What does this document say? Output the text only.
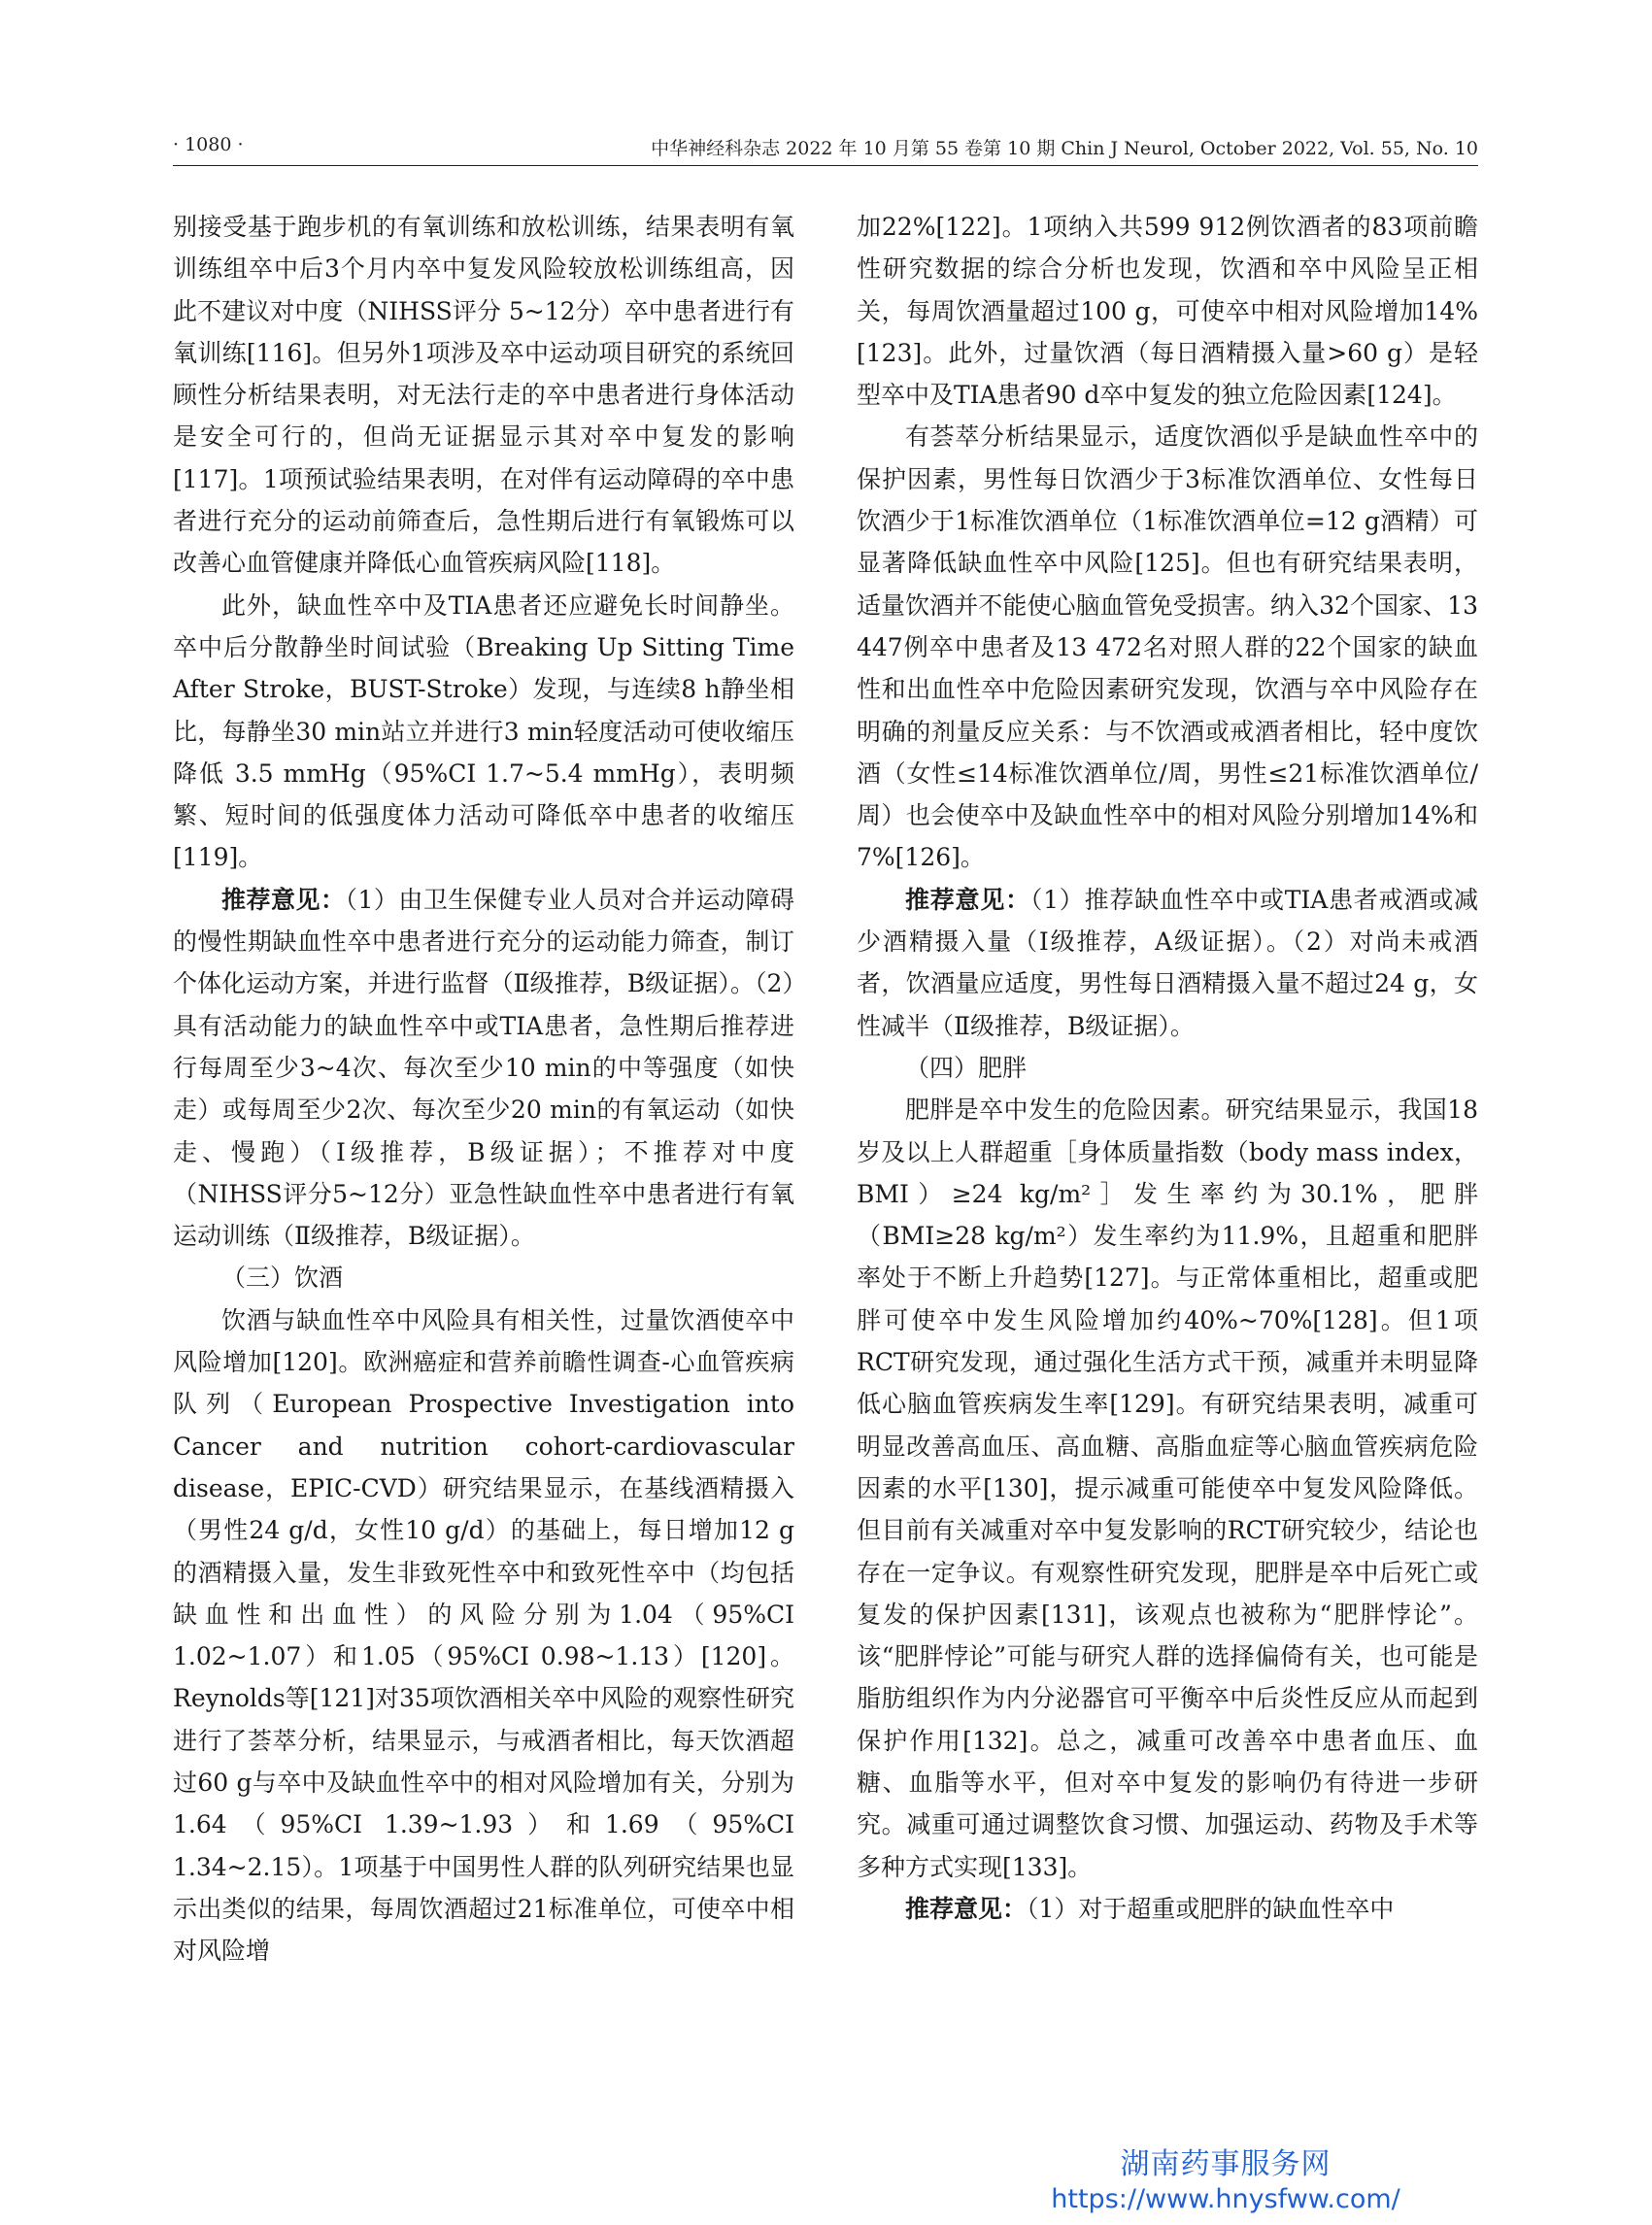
· 1080 ·	中华神经科杂志 2022 年 10 月第 55 卷第 10 期 Chin J Neurol, October 2022, Vol. 55, No. 10

别接受基于跑步机的有氧训练和放松训练，结果表明有氧训练组卒中后3个月内卒中复发风险较放松训练组高，因此不建议对中度（NIHSS评分 5~12分）卒中患者进行有氧训练[116]。但另外1项涉及卒中运动项目研究的系统回顾性分析结果表明，对无法行走的卒中患者进行身体活动是安全可行的，但尚无证据显示其对卒中复发的影响[117]。1项预试验结果表明，在对伴有运动障碍的卒中患者进行充分的运动前筛查后，急性期后进行有氧锻炼可以改善心血管健康并降低心血管疾病风险[118]。

此外，缺血性卒中及TIA患者还应避免长时间静坐。卒中后分散静坐时间试验（Breaking Up Sitting Time After Stroke，BUST-Stroke）发现，与连续8 h静坐相比，每静坐30 min站立并进行3 min轻度活动可使收缩压降低 3.5 mmHg（95%CI 1.7~5.4 mmHg），表明频繁、短时间的低强度体力活动可降低卒中患者的收缩压[119]。

推荐意见：（1）由卫生保健专业人员对合并运动障碍的慢性期缺血性卒中患者进行充分的运动能力筛查，制订个体化运动方案，并进行监督（Ⅱ级推荐，B级证据）。（2）具有活动能力的缺血性卒中或TIA患者，急性期后推荐进行每周至少3~4次、每次至少10 min的中等强度（如快走）或每周至少2次、每次至少20 min的有氧运动（如快走、慢跑）（Ⅰ级推荐，B级证据）；不推荐对中度（NIHSS评分5~12分）亚急性缺血性卒中患者进行有氧运动训练（Ⅱ级推荐，B级证据）。

（三）饮酒

饮酒与缺血性卒中风险具有相关性，过量饮酒使卒中风险增加[120]。欧洲癌症和营养前瞻性调查-心血管疾病队列（European Prospective Investigation into Cancer and nutrition cohort-cardiovascular disease，EPIC-CVD）研究结果显示，在基线酒精摄入（男性24 g/d，女性10 g/d）的基础上，每日增加12 g的酒精摄入量，发生非致死性卒中和致死性卒中（均包括缺血性和出血性）的风险分别为1.04（95%CI 1.02~1.07）和1.05（95%CI 0.98~1.13）[120]。Reynolds等[121]对35项饮酒相关卒中风险的观察性研究进行了荟萃分析，结果显示，与戒酒者相比，每天饮酒超过60 g与卒中及缺血性卒中的相对风险增加有关，分别为1.64（95%CI 1.39~1.93）和1.69（95%CI 1.34~2.15）。1项基于中国男性人群的队列研究结果也显示出类似的结果，每周饮酒超过21标准单位，可使卒中相对风险增

加22%[122]。1项纳入共599 912例饮酒者的83项前瞻性研究数据的综合分析也发现，饮酒和卒中风险呈正相关，每周饮酒量超过100 g，可使卒中相对风险增加14%[123]。此外，过量饮酒（每日酒精摄入量>60 g）是轻型卒中及TIA患者90 d卒中复发的独立危险因素[124]。

有荟萃分析结果显示，适度饮酒似乎是缺血性卒中的保护因素，男性每日饮酒少于3标准饮酒单位、女性每日饮酒少于1标准饮酒单位（1标准饮酒单位=12 g酒精）可显著降低缺血性卒中风险[125]。但也有研究结果表明，适量饮酒并不能使心脑血管免受损害。纳入32个国家、13 447例卒中患者及13 472名对照人群的22个国家的缺血性和出血性卒中危险因素研究发现，饮酒与卒中风险存在明确的剂量反应关系：与不饮酒或戒酒者相比，轻中度饮酒（女性≤14标准饮酒单位/周，男性≤21标准饮酒单位/周）也会使卒中及缺血性卒中的相对风险分别增加14%和7%[126]。

推荐意见：（1）推荐缺血性卒中或TIA患者戒酒或减少酒精摄入量（Ⅰ级推荐，A级证据）。（2）对尚未戒酒者，饮酒量应适度，男性每日酒精摄入量不超过24 g，女性减半（Ⅱ级推荐，B级证据）。

（四）肥胖

肥胖是卒中发生的危险因素。研究结果显示，我国18岁及以上人群超重［身体质量指数（body mass index，BMI）≥24 kg/m²］发生率约为30.1%，肥胖（BMI≥28 kg/m²）发生率约为11.9%，且超重和肥胖率处于不断上升趋势[127]。与正常体重相比，超重或肥胖可使卒中发生风险增加约40%~70%[128]。但1项RCT研究发现，通过强化生活方式干预，减重并未明显降低心脑血管疾病发生率[129]。有研究结果表明，减重可明显改善高血压、高血糖、高脂血症等心脑血管疾病危险因素的水平[130]，提示减重可能使卒中复发风险降低。但目前有关减重对卒中复发影响的RCT研究较少，结论也存在一定争议。有观察性研究发现，肥胖是卒中后死亡或复发的保护因素[131]，该观点也被称为“肥胖悖论”。该“肥胖悖论”可能与研究人群的选择偏倚有关，也可能是脂肪组织作为内分泌器官可平衡卒中后炎性反应从而起到保护作用[132]。总之，减重可改善卒中患者血压、血糖、血脂等水平，但对卒中复发的影响仍有待进一步研究。减重可通过调整饮食习惯、加强运动、药物及手术等多种方式实现[133]。

推荐意见：（1）对于超重或肥胖的缺血性卒中

湖南药事服务网
https://www.hnysfww.com/
